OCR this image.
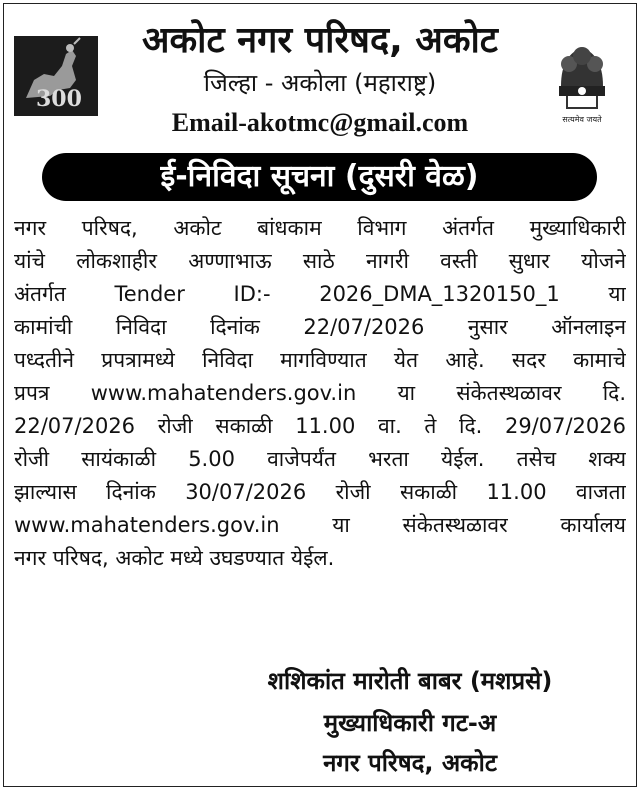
300
अकोट नगर परिषद, अकोट
जिल्हा - अकोला (महाराष्ट्र)
Email-akotmc@gmail.com	सत्यमेव जयते
ई-निविदा सूचना (दुसरी वेळ)
नगर परिषद, अकोट बांधकाम विभाग अंतर्गत मुख्याधिकारी
यांचे लोकशाहीर अण्णाभाऊ साठे नागरी वस्ती सुधार योजने
अंतर्गत Tender ID:- 2026_DMA_1320150_1 या
कामांची निविदा दिनांक 22/07/2026 नुसार ऑनलाइन
पध्दतीने प्रपत्रामध्ये निविदा मागविण्यात येत आहे. सदर कामाचे
प्रपत्र www.mahatenders.gov.in या संकेतस्थळावर दि.
22/07/2026 रोजी सकाळी 11.00 वा. ते दि. 29/07/2026
रोजी सायंकाळी 5.00 वाजेपर्यंत भरता येईल. तसेच शक्य
झाल्यास दिनांक 30/07/2026 रोजी सकाळी 11.00 वाजता
www.mahatenders.gov.in या संकेतस्थळावर कार्यालय
नगर परिषद, अकोट मध्ये उघडण्यात येईल.
शशिकांत मारोती बाबर (मशप्रसे)
मुख्याधिकारी गट-अ
नगर परिषद, अकोट
